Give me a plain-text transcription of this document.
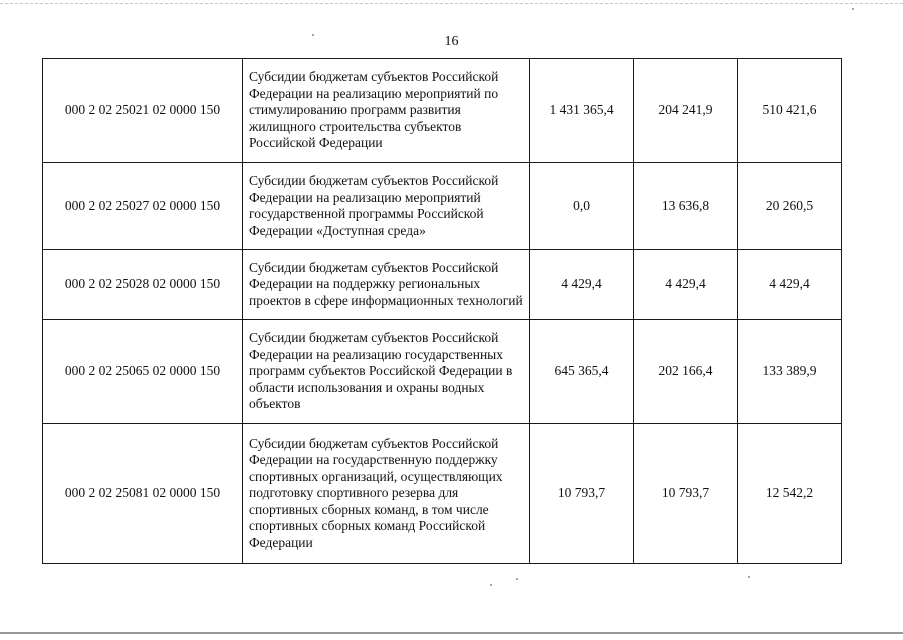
16
000 2 02 25021 02 0000 150	Субсидии бюджетам субъектов Российской Федерации на реализацию мероприятий по стимулированию программ развития жилищного строительства субъектов Российской Федерации	1 431 365,4	204 241,9	510 421,6
000 2 02 25027 02 0000 150	Субсидии бюджетам субъектов Российской Федерации на реализацию мероприятий государственной программы Российской Федерации «Доступная среда»	0,0	13 636,8	20 260,5
000 2 02 25028 02 0000 150	Субсидии бюджетам субъектов Российской Федерации на поддержку региональных проектов в сфере информационных технологий	4 429,4	4 429,4	4 429,4
000 2 02 25065 02 0000 150	Субсидии бюджетам субъектов Российской Федерации на реализацию государственных программ субъектов Российской Федерации в области использования и охраны водных объектов	645 365,4	202 166,4	133 389,9
000 2 02 25081 02 0000 150	Субсидии бюджетам субъектов Российской Федерации на государственную поддержку спортивных организаций, осуществляющих подготовку спортивного резерва для спортивных сборных команд, в том числе спортивных сборных команд Российской Федерации	10 793,7	10 793,7	12 542,2
